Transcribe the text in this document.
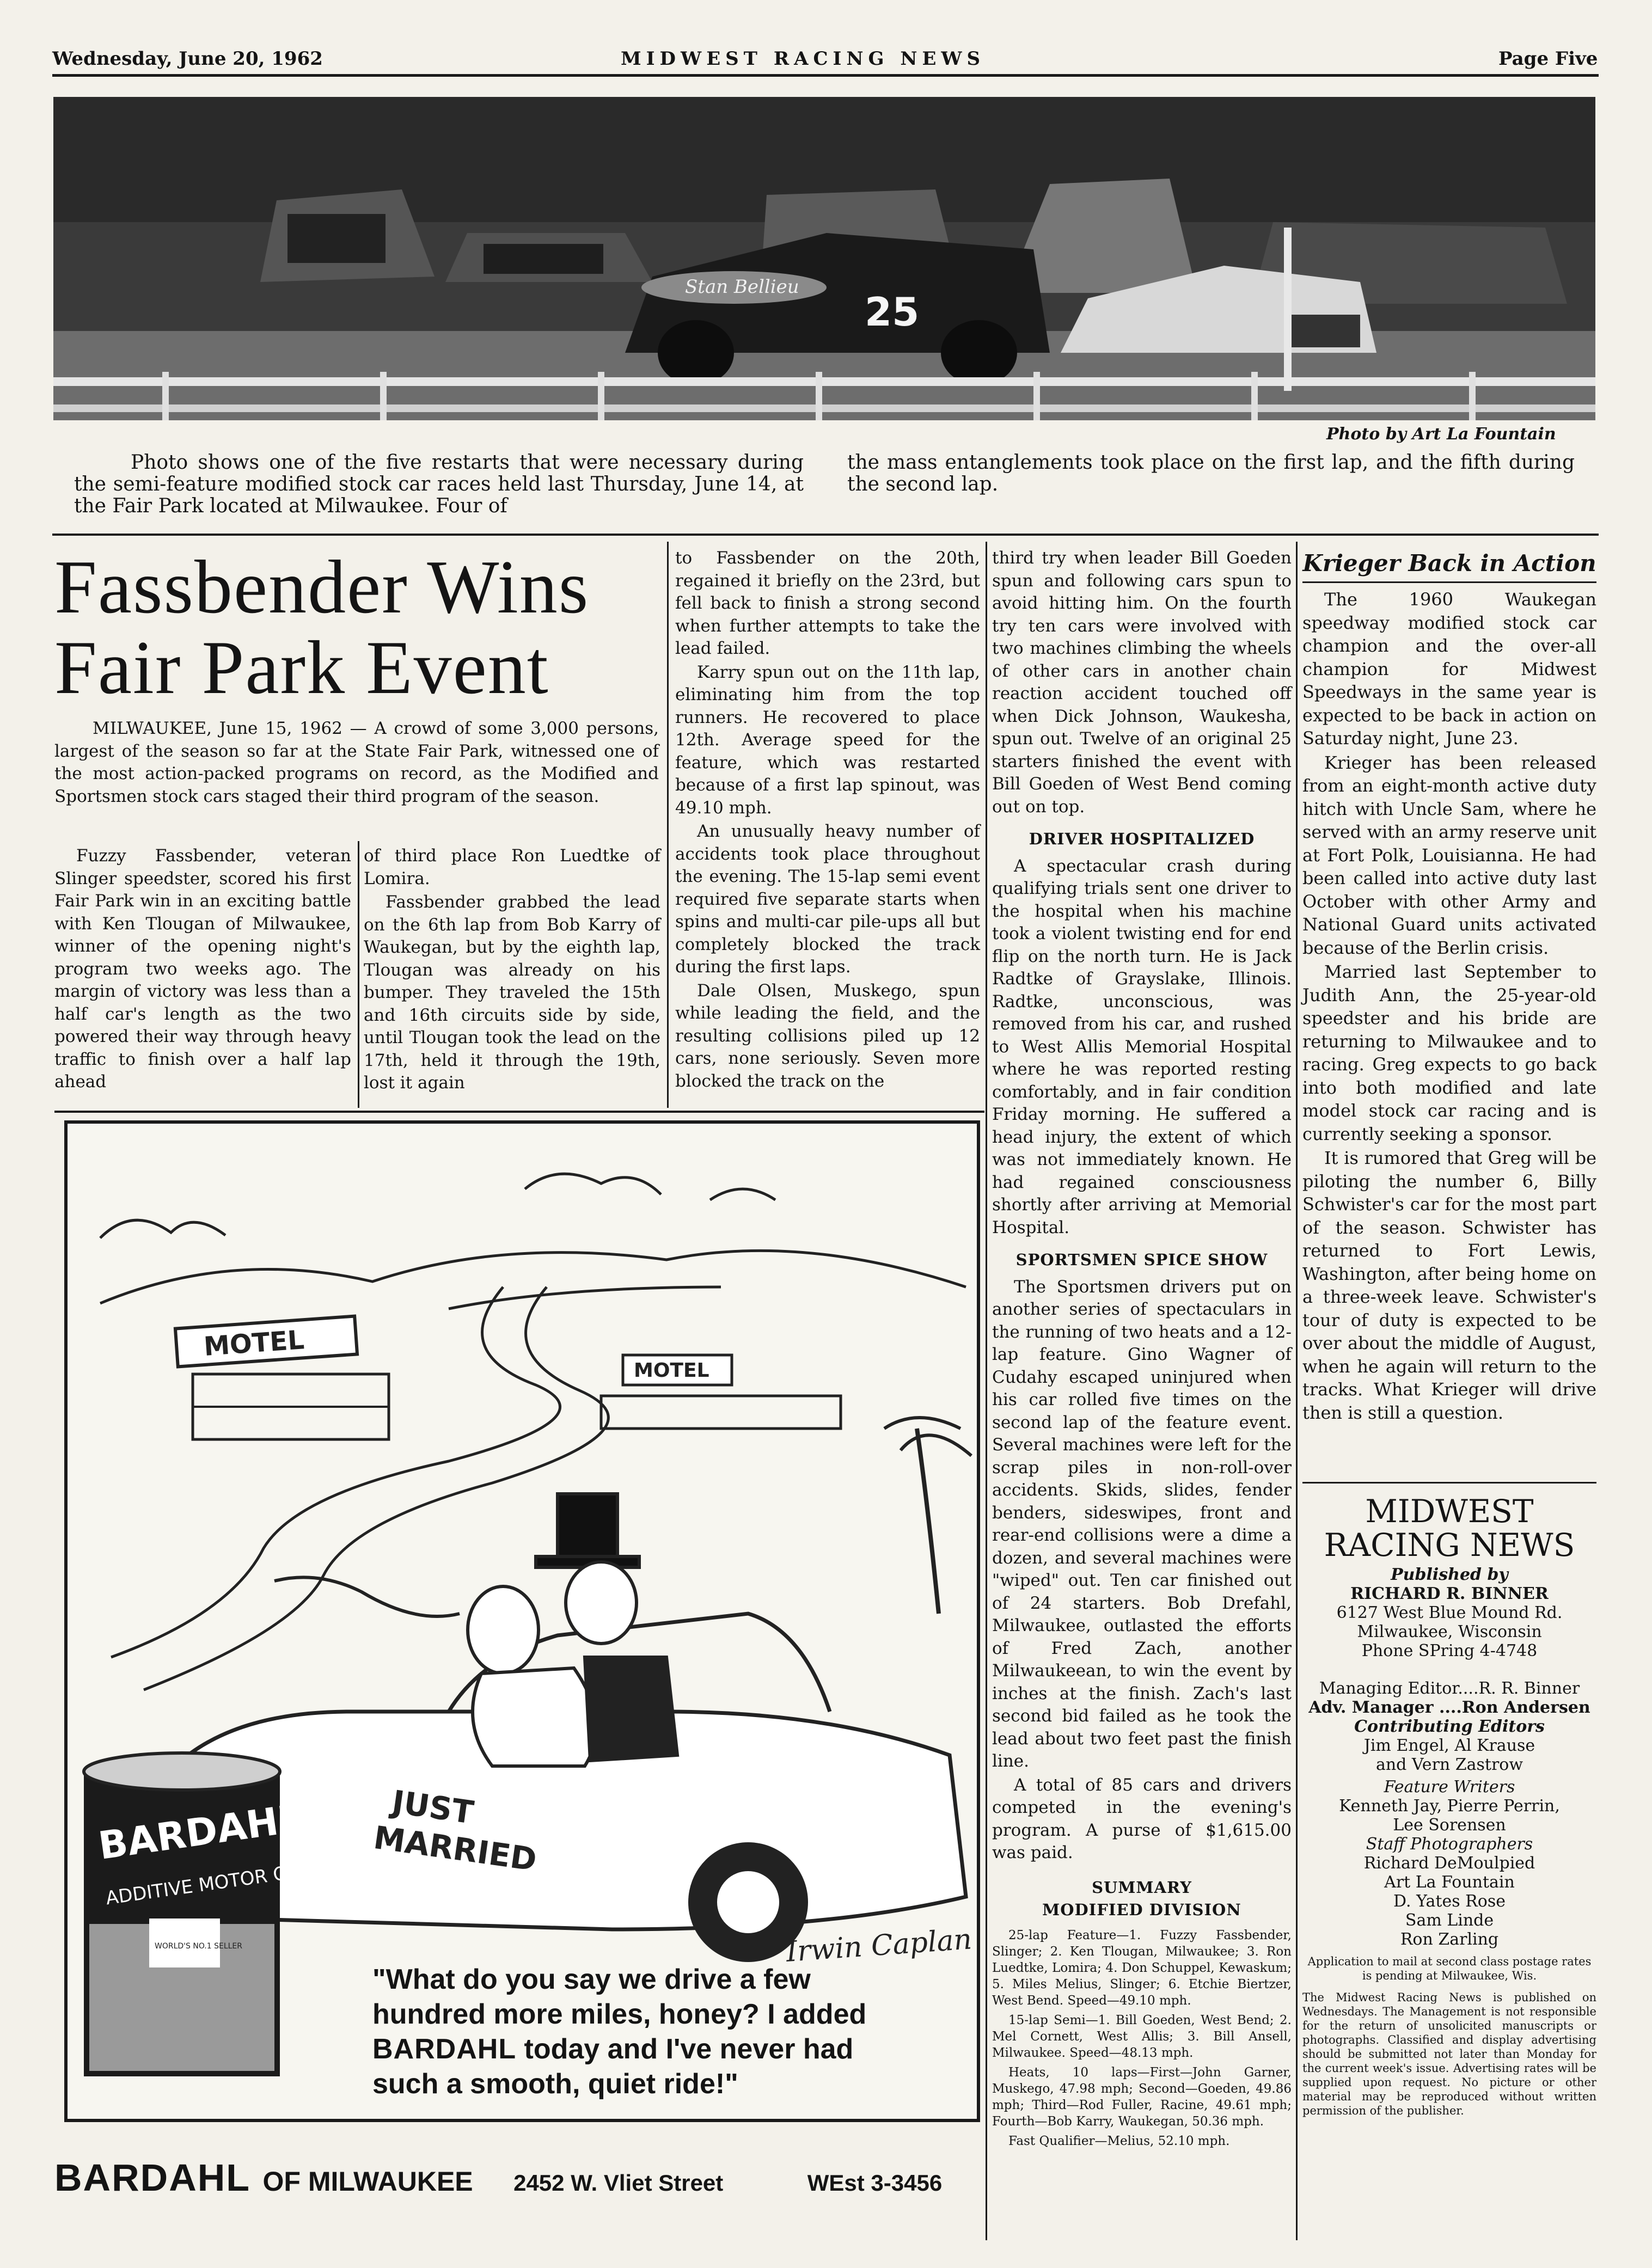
Wednesday, June 20, 1962	MIDWEST RACING NEWS	Page Five
Stan Bellieu
25
Photo by Art La Fountain
Photo shows one of the five restarts that were necessary during the semi-feature modified stock car races held last Thursday, June 14, at the Fair Park located at Milwaukee. Four of
the mass entanglements took place on the first lap, and the fifth during the second lap.
Fassbender Wins
Fair Park Event
MILWAUKEE, June 15, 1962 — A crowd of some 3,000 persons, largest of the season so far at the State Fair Park, witnessed one of the most action-packed programs on record, as the Modified and Sportsmen stock cars staged their third program of the season.

Fuzzy Fassbender, veteran Slinger speedster, scored his first Fair Park win in an exciting battle with Ken Tlougan of Milwaukee, winner of the opening night's program two weeks ago. The margin of victory was less than a half car's length as the two powered their way through heavy traffic to finish over a half lap ahead

of third place Ron Luedtke of Lomira.

Fassbender grabbed the lead on the 6th lap from Bob Karry of Waukegan, but by the eighth lap, Tlougan was already on his bumper. They traveled the 15th and 16th circuits side by side, until Tlougan took the lead on the 17th, held it through the 19th, lost it again

to Fassbender on the 20th, regained it briefly on the 23rd, but fell back to finish a strong second when further attempts to take the lead failed.

Karry spun out on the 11th lap, eliminating him from the top runners. He recovered to place 12th. Average speed for the feature, which was restarted because of a first lap spinout, was 49.10 mph.

An unusually heavy number of accidents took place throughout the evening. The 15-lap semi event required five separate starts when spins and multi-car pile-ups all but completely blocked the track during the first laps.

Dale Olsen, Muskego, spun while leading the field, and the resulting collisions piled up 12 cars, none seriously. Seven more blocked the track on the

third try when leader Bill Goeden spun and following cars spun to avoid hitting him. On the fourth try ten cars were involved with two machines climbing the wheels of other cars in another chain reaction accident touched off when Dick Johnson, Waukesha, spun out. Twelve of an original 25 starters finished the event with Bill Goeden of West Bend coming out on top.

DRIVER HOSPITALIZED

A spectacular crash during qualifying trials sent one driver to the hospital when his machine took a violent twisting end for end flip on the north turn. He is Jack Radtke of Grayslake, Illinois. Radtke, unconscious, was removed from his car, and rushed to West Allis Memorial Hospital where he was reported resting comfortably, and in fair condition Friday morning. He suffered a head injury, the extent of which was not immediately known. He had regained consciousness shortly after arriving at Memorial Hospital.

SPORTSMEN SPICE SHOW

The Sportsmen drivers put on another series of spectaculars in the running of two heats and a 12-lap feature. Gino Wagner of Cudahy escaped uninjured when his car rolled five times on the second lap of the feature event. Several machines were left for the scrap piles in non-roll-over accidents. Skids, slides, fender benders, sideswipes, front and rear-end collisions were a dime a dozen, and several machines were "wiped" out. Ten car finished out of 24 starters. Bob Drefahl, Milwaukee, outlasted the efforts of Fred Zach, another Milwaukeean, to win the event by inches at the finish. Zach's last second bid failed as he took the lead about two feet past the finish line.

A total of 85 cars and drivers competed in the evening's program. A purse of $1,615.00 was paid.

SUMMARY
MODIFIED DIVISION

25-lap Feature—1. Fuzzy Fassbender, Slinger; 2. Ken Tlougan, Milwaukee; 3. Ron Luedtke, Lomira; 4. Don Schuppel, Kewaskum; 5. Miles Melius, Slinger; 6. Etchie Biertzer, West Bend. Speed—49.10 mph.

15-lap Semi—1. Bill Goeden, West Bend; 2. Mel Cornett, West Allis; 3. Bill Ansell, Milwaukee. Speed—48.13 mph.

Heats, 10 laps—First—John Garner, Muskego, 47.98 mph; Second—Goeden, 49.86 mph; Third—Rod Fuller, Racine, 49.61 mph; Fourth—Bob Karry, Waukegan, 50.36 mph.

Fast Qualifier—Melius, 52.10 mph.

Krieger Back in Action

The 1960 Waukegan speedway modified stock car champion and the over-all champion for Midwest Speedways in the same year is expected to be back in action on Saturday night, June 23.

Krieger has been released from an eight-month active duty hitch with Uncle Sam, where he served with an army reserve unit at Fort Polk, Louisianna. He had been called into active duty last October with other Army and National Guard units activated because of the Berlin crisis.

Married last September to Judith Ann, the 25-year-old speedster and his bride are returning to Milwaukee and to racing. Greg expects to go back into both modified and late model stock car racing and is currently seeking a sponsor.

It is rumored that Greg will be piloting the number 6, Billy Schwister's car for the most part of the season. Schwister has returned to Fort Lewis, Washington, after being home on a three-week leave. Schwister's tour of duty is expected to be over about the middle of August, when he again will return to the tracks. What Krieger will drive then is still a question.

MIDWEST
RACING NEWS
Published by
RICHARD R. BINNER
6127 West Blue Mound Rd.
Milwaukee, Wisconsin
Phone SPring 4-4748
Managing Editor....R. R. Binner
Adv. Manager ....Ron Andersen
Contributing Editors
Jim Engel, Al Krause
and Vern Zastrow
Feature Writers
Kenneth Jay, Pierre Perrin,
Lee Sorensen
Staff Photographers
Richard DeMoulpied
Art La Fountain
D. Yates Rose
Sam Linde
Ron Zarling
Application to mail at second class postage rates is pending at Milwaukee, Wis.
The Midwest Racing News is published on Wednesdays. The Management is not responsible for the return of unsolicited manuscripts or photographs. Classified and display advertising should be submitted not later than Monday for the current week's issue. Advertising rates will be supplied upon request. No picture or other material may be reproduced without written permission of the publisher.
MOTEL
MOTEL
JUST
MARRIED
Irwin Caplan
BARDAHL
ADDITIVE MOTOR OIL
WORLD'S NO.1 SELLER
"What do you say we drive a few
hundred more miles, honey? I added
BARDAHL today and I've never had
such a smooth, quiet ride!"
BARDAHL OF MILWAUKEE 2452 W. Vliet Street	WEst 3-3456
